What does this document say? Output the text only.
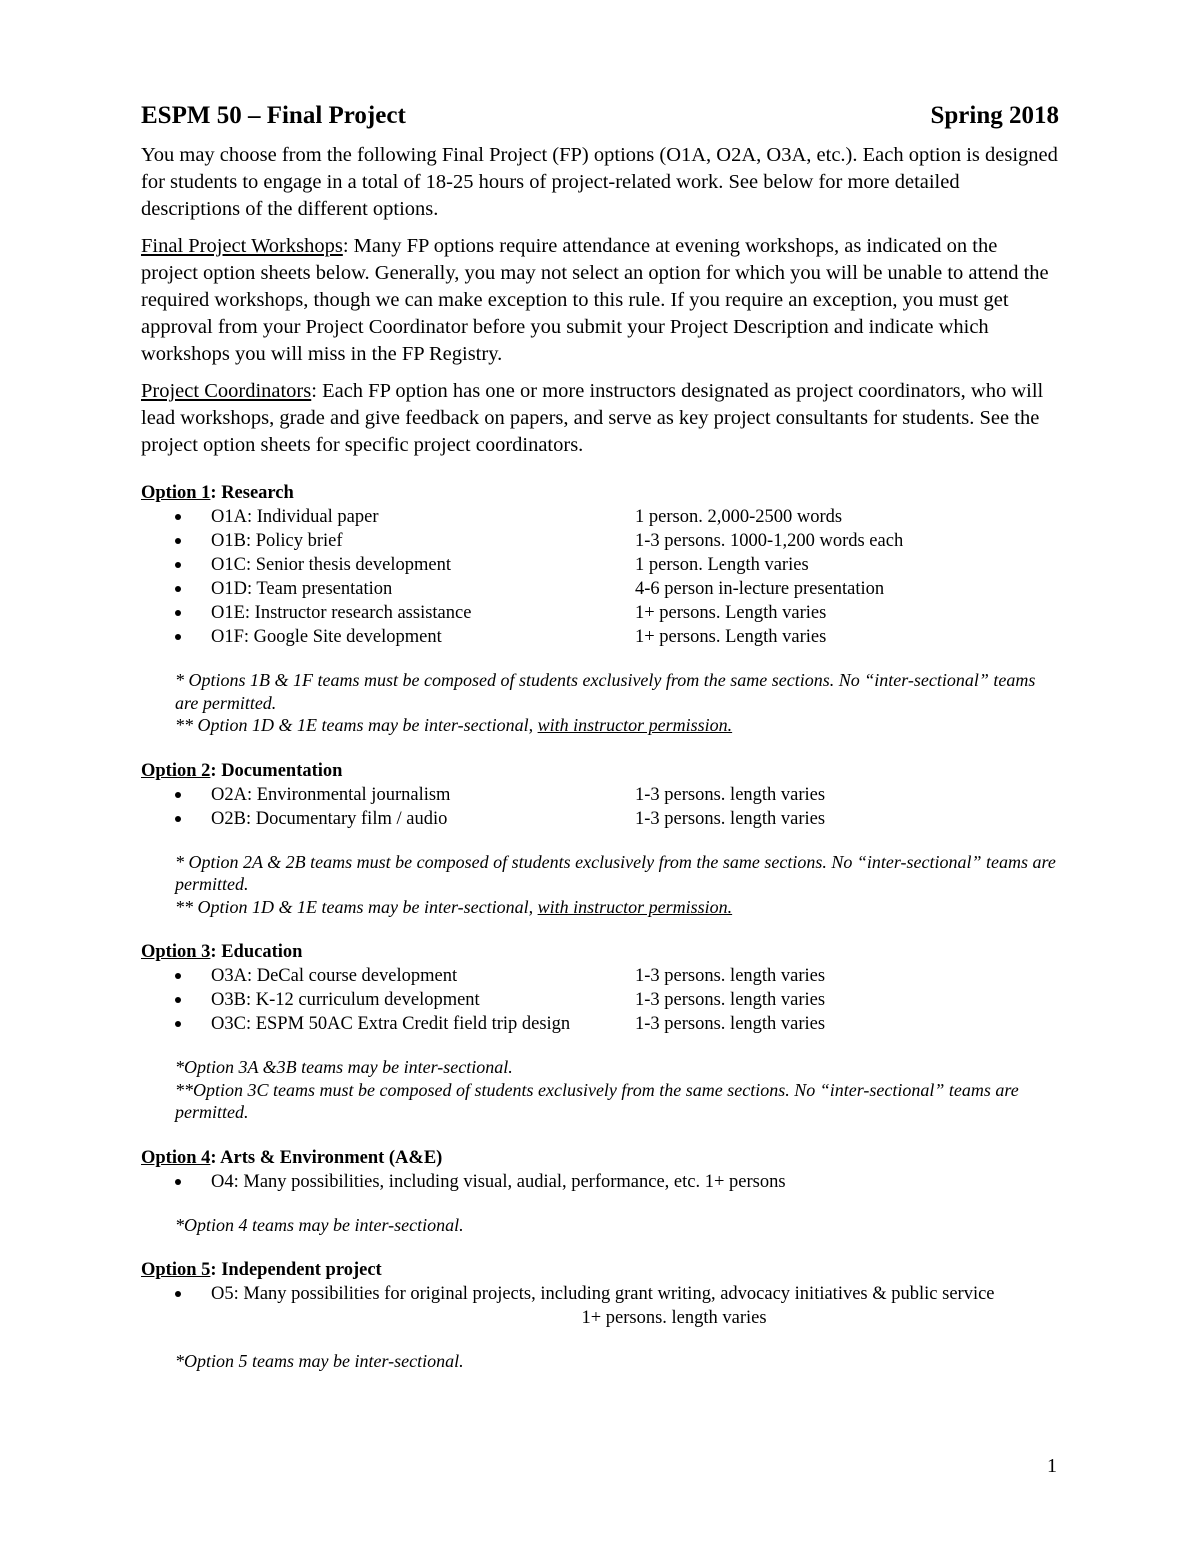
ESPM 50 – Final Project	Spring 2018

You may choose from the following Final Project (FP) options (O1A, O2A, O3A, etc.). Each option is designed for students to engage in a total of 18-25 hours of project-related work. See below for more detailed descriptions of the different options.

Final Project Workshops: Many FP options require attendance at evening workshops, as indicated on the project option sheets below. Generally, you may not select an option for which you will be unable to attend the required workshops, though we can make exception to this rule. If you require an exception, you must get approval from your Project Coordinator before you submit your Project Description and indicate which workshops you will miss in the FP Registry.

Project Coordinators: Each FP option has one or more instructors designated as project coordinators, who will lead workshops, grade and give feedback on papers, and serve as key project consultants for students. See the project option sheets for specific project coordinators.

Option 1: Research
O1A: Individual paper	1 person. 2,000-2500 words
O1B: Policy brief	1-3 persons. 1000-1,200 words each
O1C: Senior thesis development	1 person. Length varies
O1D: Team presentation	4-6 person in-lecture presentation
O1E: Instructor research assistance	1+ persons. Length varies
O1F: Google Site development	1+ persons. Length varies
* Options 1B & 1F teams must be composed of students exclusively from the same sections. No “inter-sectional” teams are permitted.
** Option 1D & 1E teams may be inter-sectional, with instructor permission.
Option 2: Documentation
O2A: Environmental journalism	1-3 persons. length varies
O2B: Documentary film / audio	1-3 persons. length varies
* Option 2A & 2B teams must be composed of students exclusively from the same sections. No “inter-sectional” teams are permitted.
** Option 1D & 1E teams may be inter-sectional, with instructor permission.
Option 3: Education
O3A: DeCal course development	1-3 persons. length varies
O3B: K-12 curriculum development	1-3 persons. length varies
O3C: ESPM 50AC Extra Credit field trip design	1-3 persons. length varies
*Option 3A &3B teams may be inter-sectional.
**Option 3C teams must be composed of students exclusively from the same sections. No “inter-sectional” teams are permitted.
Option 4: Arts & Environment (A&E)
O4: Many possibilities, including visual, audial, performance, etc. 1+ persons
*Option 4 teams may be inter-sectional.
Option 5: Independent project
O5: Many possibilities for original projects, including grant writing, advocacy initiatives & public service
1+ persons. length varies
*Option 5 teams may be inter-sectional.
1
